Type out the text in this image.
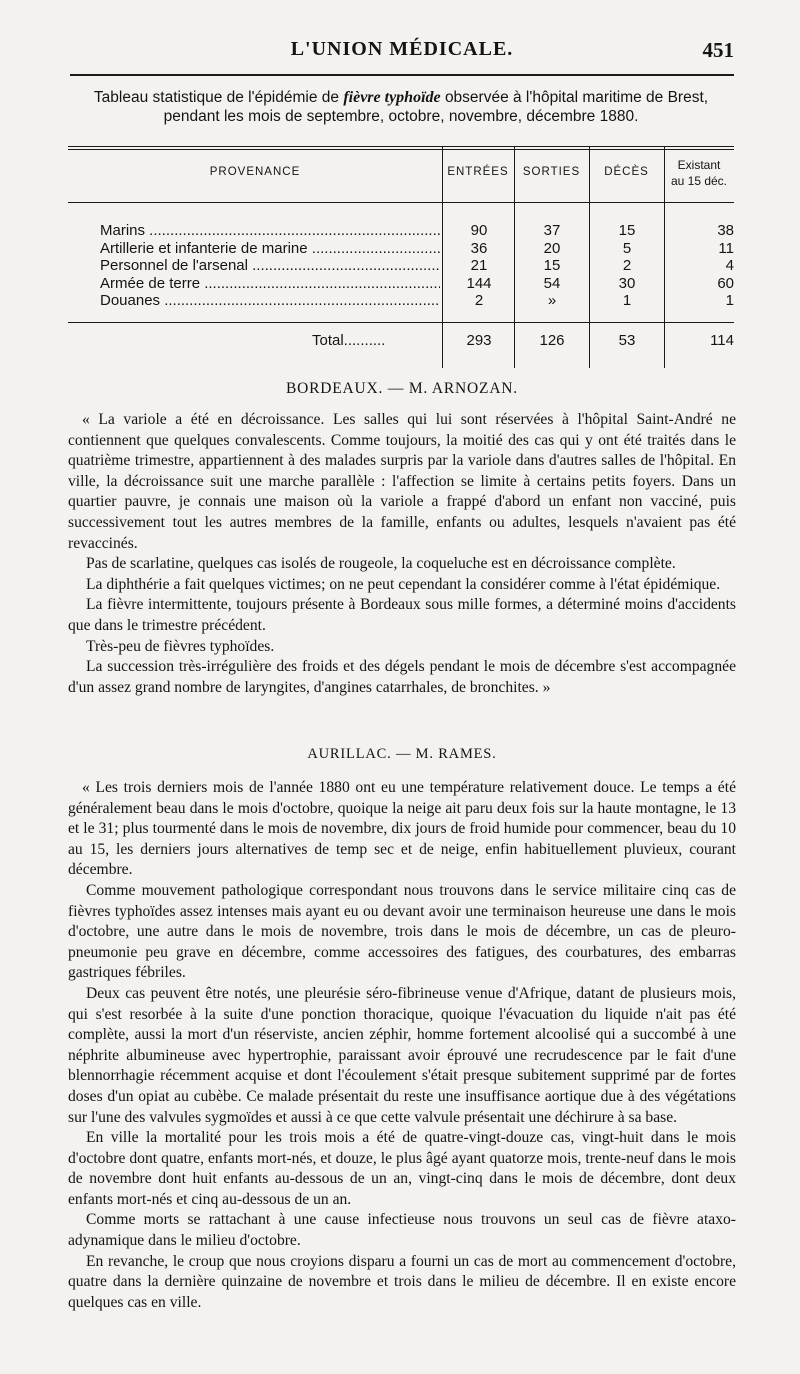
L'UNION MÉDICALE.	451
Tableau statistique de l'épidémie de fièvre typhoïde observée à l'hôpital maritime de Brest, pendant les mois de septembre, octobre, novembre, décembre 1880.
PROVENANCE	ENTRÉES	SORTIES	DÉCÈS	Existant
au 15 déc.
Marins .....	90	37	15	38
Artillerie et infanterie de marine .....	36	20	5	11
Personnel de l'arsenal .....	21	15	2	4
Armée de terre .....	144	54	30	60
Douanes .....	2	»	1	1
Total..........	293	126	53	114
BORDEAUX. — M. ARNOZAN.

« La variole a été en décroissance. Les salles qui lui sont réservées à l'hôpital Saint-André ne contiennent que quelques convalescents. Comme toujours, la moitié des cas qui y ont été traités dans le quatrième trimestre, appartiennent à des malades surpris par la variole dans d'autres salles de l'hôpital. En ville, la décroissance suit une marche parallèle : l'affection se limite à certains petits foyers. Dans un quartier pauvre, je connais une maison où la variole a frappé d'abord un enfant non vacciné, puis successivement tout les autres membres de la famille, enfants ou adultes, lesquels n'avaient pas été revaccinés.

Pas de scarlatine, quelques cas isolés de rougeole, la coqueluche est en décroissance complète.

La diphthérie a fait quelques victimes; on ne peut cependant la considérer comme à l'état épidémique.

La fièvre intermittente, toujours présente à Bordeaux sous mille formes, a déterminé moins d'accidents que dans le trimestre précédent.

Très-peu de fièvres typhoïdes.

La succession très-irrégulière des froids et des dégels pendant le mois de décembre s'est accompagnée d'un assez grand nombre de laryngites, d'angines catarrhales, de bronchites. »

AURILLAC. — M. RAMES.

« Les trois derniers mois de l'année 1880 ont eu une température relativement douce. Le temps a été généralement beau dans le mois d'octobre, quoique la neige ait paru deux fois sur la haute montagne, le 13 et le 31; plus tourmenté dans le mois de novembre, dix jours de froid humide pour commencer, beau du 10 au 15, les derniers jours alternatives de temp sec et de neige, enfin habituellement pluvieux, courant décembre.

Comme mouvement pathologique correspondant nous trouvons dans le service militaire cinq cas de fièvres typhoïdes assez intenses mais ayant eu ou devant avoir une terminaison heureuse une dans le mois d'octobre, une autre dans le mois de novembre, trois dans le mois de décembre, un cas de pleuro-pneumonie peu grave en décembre, comme accessoires des fatigues, des courbatures, des embarras gastriques fébriles.

Deux cas peuvent être notés, une pleurésie séro-fibrineuse venue d'Afrique, datant de plusieurs mois, qui s'est resorbée à la suite d'une ponction thoracique, quoique l'évacuation du liquide n'ait pas été complète, aussi la mort d'un réserviste, ancien zéphir, homme fortement alcoolisé qui a succombé à une néphrite albumineuse avec hypertrophie, paraissant avoir éprouvé une recrudescence par le fait d'une blennorrhagie récemment acquise et dont l'écoulement s'était presque subitement supprimé par de fortes doses d'un opiat au cubèbe. Ce malade présentait du reste une insuffisance aortique due à des végétations sur l'une des valvules sygmoïdes et aussi à ce que cette valvule présentait une déchirure à sa base.

En ville la mortalité pour les trois mois a été de quatre-vingt-douze cas, vingt-huit dans le mois d'octobre dont quatre, enfants mort-nés, et douze, le plus âgé ayant quatorze mois, trente-neuf dans le mois de novembre dont huit enfants au-dessous de un an, vingt-cinq dans le mois de décembre, dont deux enfants mort-nés et cinq au-dessous de un an.

Comme morts se rattachant à une cause infectieuse nous trouvons un seul cas de fièvre ataxo-adynamique dans le milieu d'octobre.

En revanche, le croup que nous croyions disparu a fourni un cas de mort au commencement d'octobre, quatre dans la dernière quinzaine de novembre et trois dans le milieu de décembre. Il en existe encore quelques cas en ville.
